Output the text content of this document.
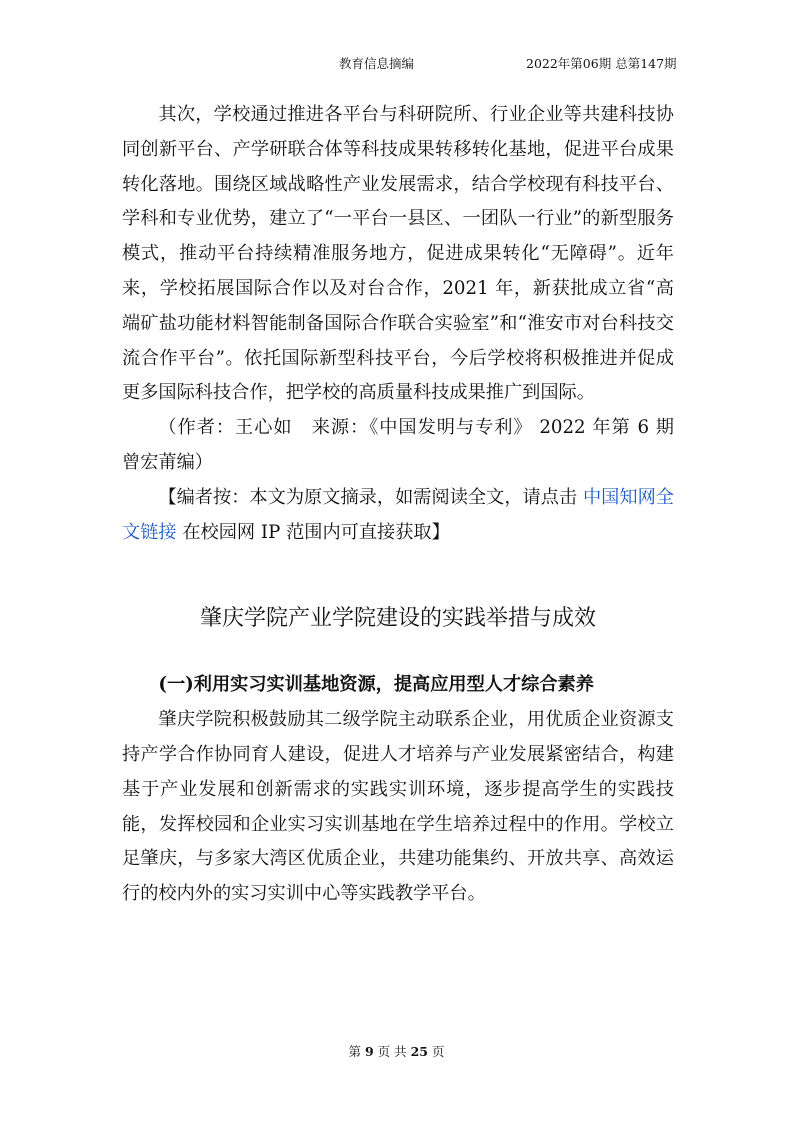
教育信息摘编	2022年第06期 总第147期

其次，学校通过推进各平台与科研院所、行业企业等共建科技协同创新平台、产学研联合体等科技成果转移转化基地，促进平台成果转化落地。围绕区域战略性产业发展需求，结合学校现有科技平台、学科和专业优势，建立了“一平台一县区、一团队一行业”的新型服务模式，推动平台持续精准服务地方，促进成果转化“无障碍”。近年来，学校拓展国际合作以及对台合作，2021 年，新获批成立省“高端矿盐功能材料智能制备国际合作联合实验室”和“淮安市对台科技交流合作平台”。依托国际新型科技平台，今后学校将积极推进并促成更多国际科技合作，把学校的高质量科技成果推广到国际。

（作者：王心如　来源：《中国发明与专利》 2022 年第 6 期　曾宏莆编）

【编者按：本文为原文摘录，如需阅读全文，请点击 中国知网全文链接 在校园网 IP 范围内可直接获取】

肇庆学院产业学院建设的实践举措与成效

(一)利用实习实训基地资源，提高应用型人才综合素养

肇庆学院积极鼓励其二级学院主动联系企业，用优质企业资源支持产学合作协同育人建设，促进人才培养与产业发展紧密结合，构建基于产业发展和创新需求的实践实训环境，逐步提高学生的实践技能，发挥校园和企业实习实训基地在学生培养过程中的作用。学校立足肇庆，与多家大湾区优质企业，共建功能集约、开放共享、高效运行的校内外的实习实训中心等实践教学平台。

第 9 页 共 25 页
